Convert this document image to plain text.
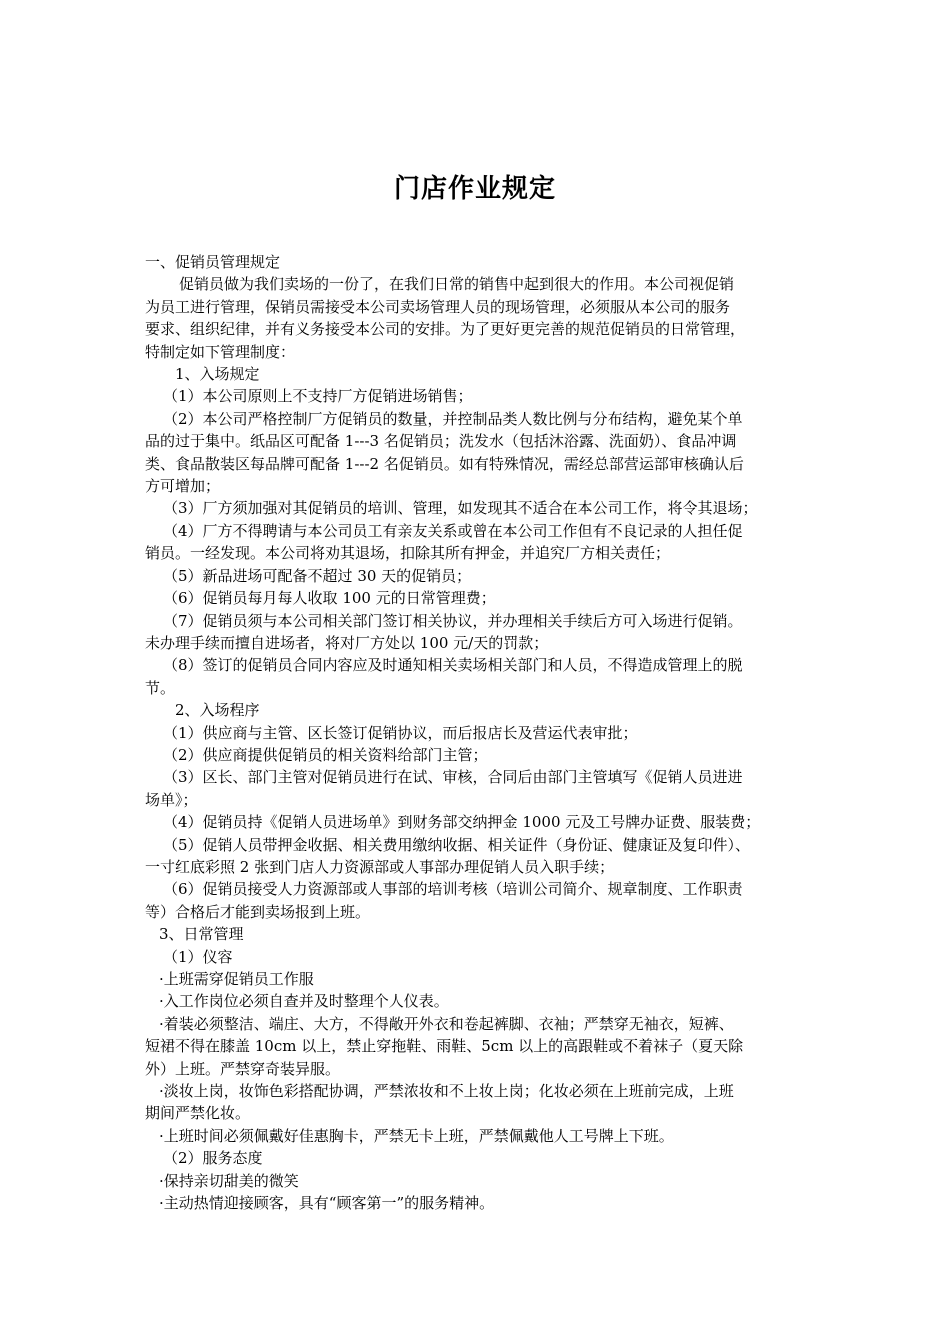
门店作业规定
一、促销员管理规定
促销员做为我们卖场的一份了，在我们日常的销售中起到很大的作用。本公司视促销
为员工进行管理，保销员需接受本公司卖场管理人员的现场管理，必须服从本公司的服务
要求、组织纪律，并有义务接受本公司的安排。为了更好更完善的规范促销员的日常管理，
特制定如下管理制度：
1、入场规定
（1）本公司原则上不支持厂方促销进场销售；
（2）本公司严格控制厂方促销员的数量，并控制品类人数比例与分布结构，避免某个单
品的过于集中。纸品区可配备 1---3 名促销员；洗发水（包括沐浴露、洗面奶）、食品冲调
类、食品散装区每品牌可配备 1---2 名促销员。如有特殊情况，需经总部营运部审核确认后
方可增加；
（3）厂方须加强对其促销员的培训、管理，如发现其不适合在本公司工作，将令其退场；
（4）厂方不得聘请与本公司员工有亲友关系或曾在本公司工作但有不良记录的人担任促
销员。一经发现。本公司将劝其退场，扣除其所有押金，并追究厂方相关责任；
（5）新品进场可配备不超过 30 天的促销员；
（6）促销员每月每人收取 100 元的日常管理费；
（7）促销员须与本公司相关部门签订相关协议，并办理相关手续后方可入场进行促销。
未办理手续而擅自进场者，将对厂方处以 100 元/天的罚款；
（8）签订的促销员合同内容应及时通知相关卖场相关部门和人员，不得造成管理上的脱
节。
2、入场程序
（1）供应商与主管、区长签订促销协议，而后报店长及营运代表审批；
（2）供应商提供促销员的相关资料给部门主管；
（3）区长、部门主管对促销员进行在试、审核，合同后由部门主管填写《促销人员进进
场单》；
（4）促销员持《促销人员进场单》到财务部交纳押金 1000 元及工号牌办证费、服装费；
（5）促销人员带押金收据、相关费用缴纳收据、相关证件（身份证、健康证及复印件）、
一寸红底彩照 2 张到门店人力资源部或人事部办理促销人员入职手续；
（6）促销员接受人力资源部或人事部的培训考核（培训公司简介、规章制度、工作职责
等）合格后才能到卖场报到上班。
3、日常管理
（1）仪容
·上班需穿促销员工作服
·入工作岗位必须自查并及时整理个人仪表。
·着装必须整洁、端庄、大方，不得敞开外衣和卷起裤脚、衣袖；严禁穿无袖衣，短裤、
短裙不得在膝盖 10cm 以上，禁止穿拖鞋、雨鞋、5cm 以上的高跟鞋或不着袜子（夏天除
外）上班。严禁穿奇装异服。
·淡妆上岗，妆饰色彩搭配协调，严禁浓妆和不上妆上岗；化妆必须在上班前完成，上班
期间严禁化妆。
·上班时间必须佩戴好佳惠胸卡，严禁无卡上班，严禁佩戴他人工号牌上下班。
（2）服务态度
·保持亲切甜美的微笑
·主动热情迎接顾客，具有“顾客第一”的服务精神。
